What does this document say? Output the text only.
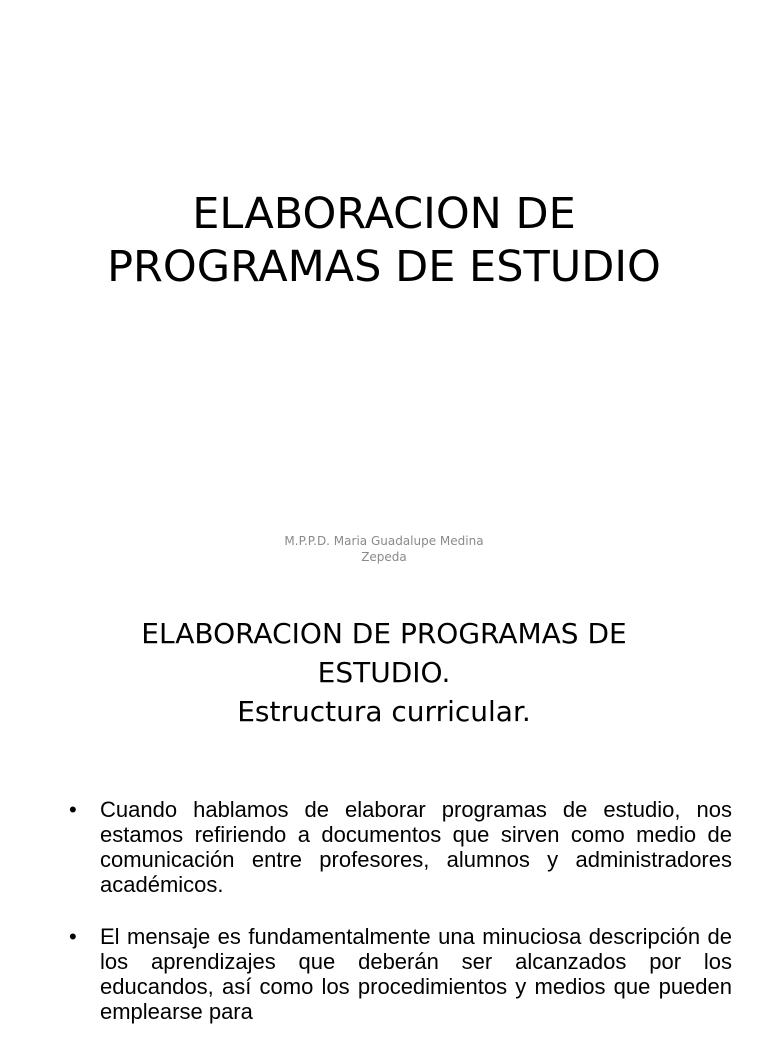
ELABORACION DE
PROGRAMAS DE ESTUDIO
M.P.P.D. Maria Guadalupe Medina
Zepeda
ELABORACION DE PROGRAMAS DE
ESTUDIO.
Estructura curricular.
• Cuando hablamos de elaborar programas de estudio, nos estamos refiriendo a documentos que sirven como medio de comunicación entre profesores, alumnos y administradores académicos.
• El mensaje es fundamentalmente una minuciosa descripción de los aprendizajes que deberán ser alcanzados por los educandos, así como los procedimientos y medios que pueden emplearse para
